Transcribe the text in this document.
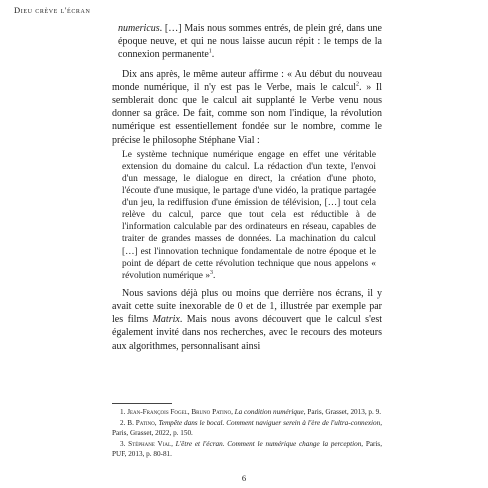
Dieu crève l'écran

numericus. […] Mais nous sommes entrés, de plein gré, dans une époque neuve, et qui ne nous laisse aucun répit : le temps de la connexion permanente$^1$.

Dix ans après, le même auteur affirme : « Au début du nouveau monde numérique, il n'y est pas le Verbe, mais le calcul$^2$. » Il semblerait donc que le calcul ait supplanté le Verbe venu nous donner sa grâce. De fait, comme son nom l'indique, la révolution numérique est essentiellement fondée sur le nombre, comme le précise le philosophe Stéphane Vial :

Le système technique numérique engage en effet une véritable extension du domaine du calcul. La rédaction d'un texte, l'envoi d'un message, le dialogue en direct, la création d'une photo, l'écoute d'une musique, le partage d'une vidéo, la pratique partagée d'un jeu, la rediffusion d'une émission de télévision, […] tout cela relève du calcul, parce que tout cela est réductible à de l'information calculable par des ordinateurs en réseau, capables de traiter de grandes masses de données. La machination du calcul […] est l'innovation technique fondamentale de notre époque et le point de départ de cette révolution technique que nous appelons « révolution numérique »$^3$.

Nous savions déjà plus ou moins que derrière nos écrans, il y avait cette suite inexorable de 0 et de 1, illustrée par exemple par les films Matrix. Mais nous avons découvert que le calcul s'est également invité dans nos recherches, avec le recours des moteurs aux algorithmes, personnalisant ainsi

1. Jean-François Fogel, Bruno Patino, La condition numérique, Paris, Grasset, 2013, p. 9.

2. B. Patino, Tempête dans le bocal. Comment naviguer serein à l'ère de l'ultra-connexion, Paris, Grasset, 2022, p. 150.

3. Stéphane Vial, L'être et l'écran. Comment le numérique change la perception, Paris, PUF, 2013, p. 80-81.

6
